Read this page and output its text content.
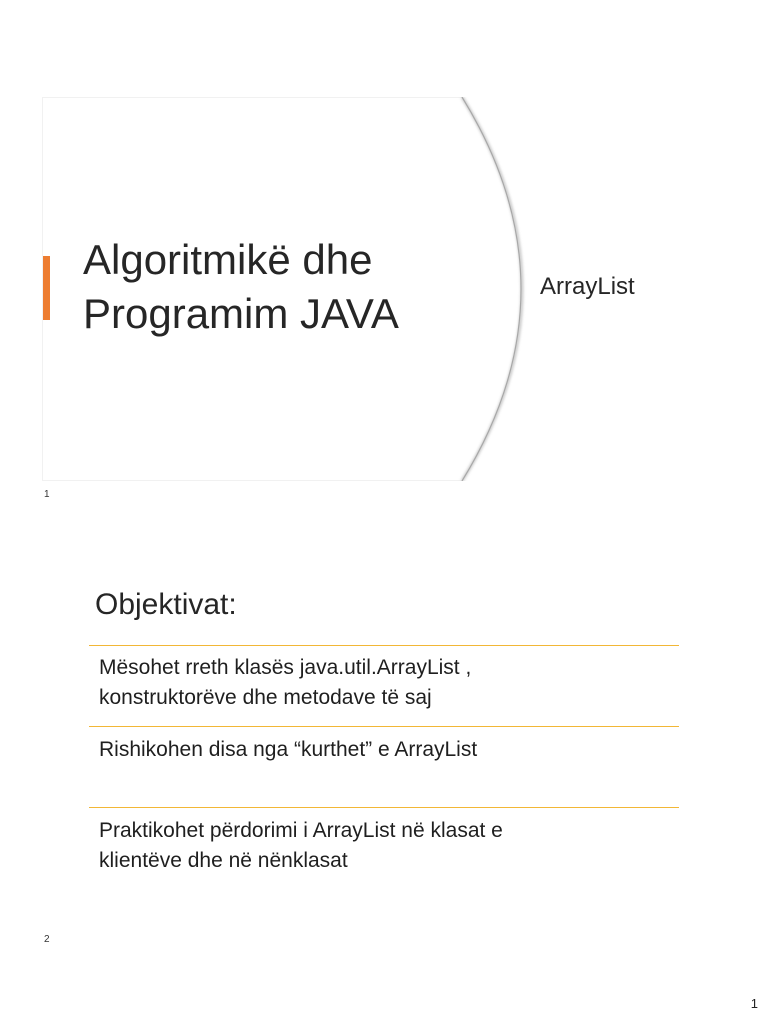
Algoritmikë dhe
Programim JAVA

ArrayList

1
Objektivat:

Mësohet rreth klasës java.util.ArrayList ,
konstruktorëve dhe metodave të saj

Rishikohen disa nga “kurthet” e ArrayList

Praktikohet përdorimi i ArrayList në klasat e
klientëve dhe në nënklasat

2
1
